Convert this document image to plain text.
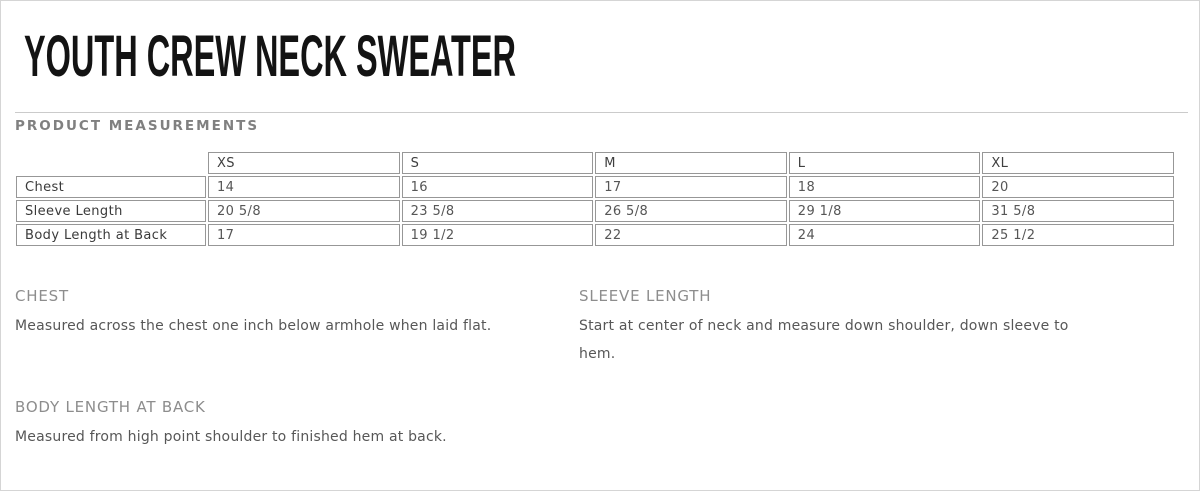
YOUTH CREW NECK SWEATER
PRODUCT MEASUREMENTS
	XS	S	M	L	XL
Chest	14	16	17	18	20
Sleeve Length	20 5/8	23 5/8	26 5/8	29 1/8	31 5/8
Body Length at Back	17	19 1/2	22	24	25 1/2
CHEST

Measured across the chest one inch below armhole when laid flat.

SLEEVE LENGTH

Start at center of neck and measure down shoulder, down sleeve to hem.

BODY LENGTH AT BACK

Measured from high point shoulder to finished hem at back.
